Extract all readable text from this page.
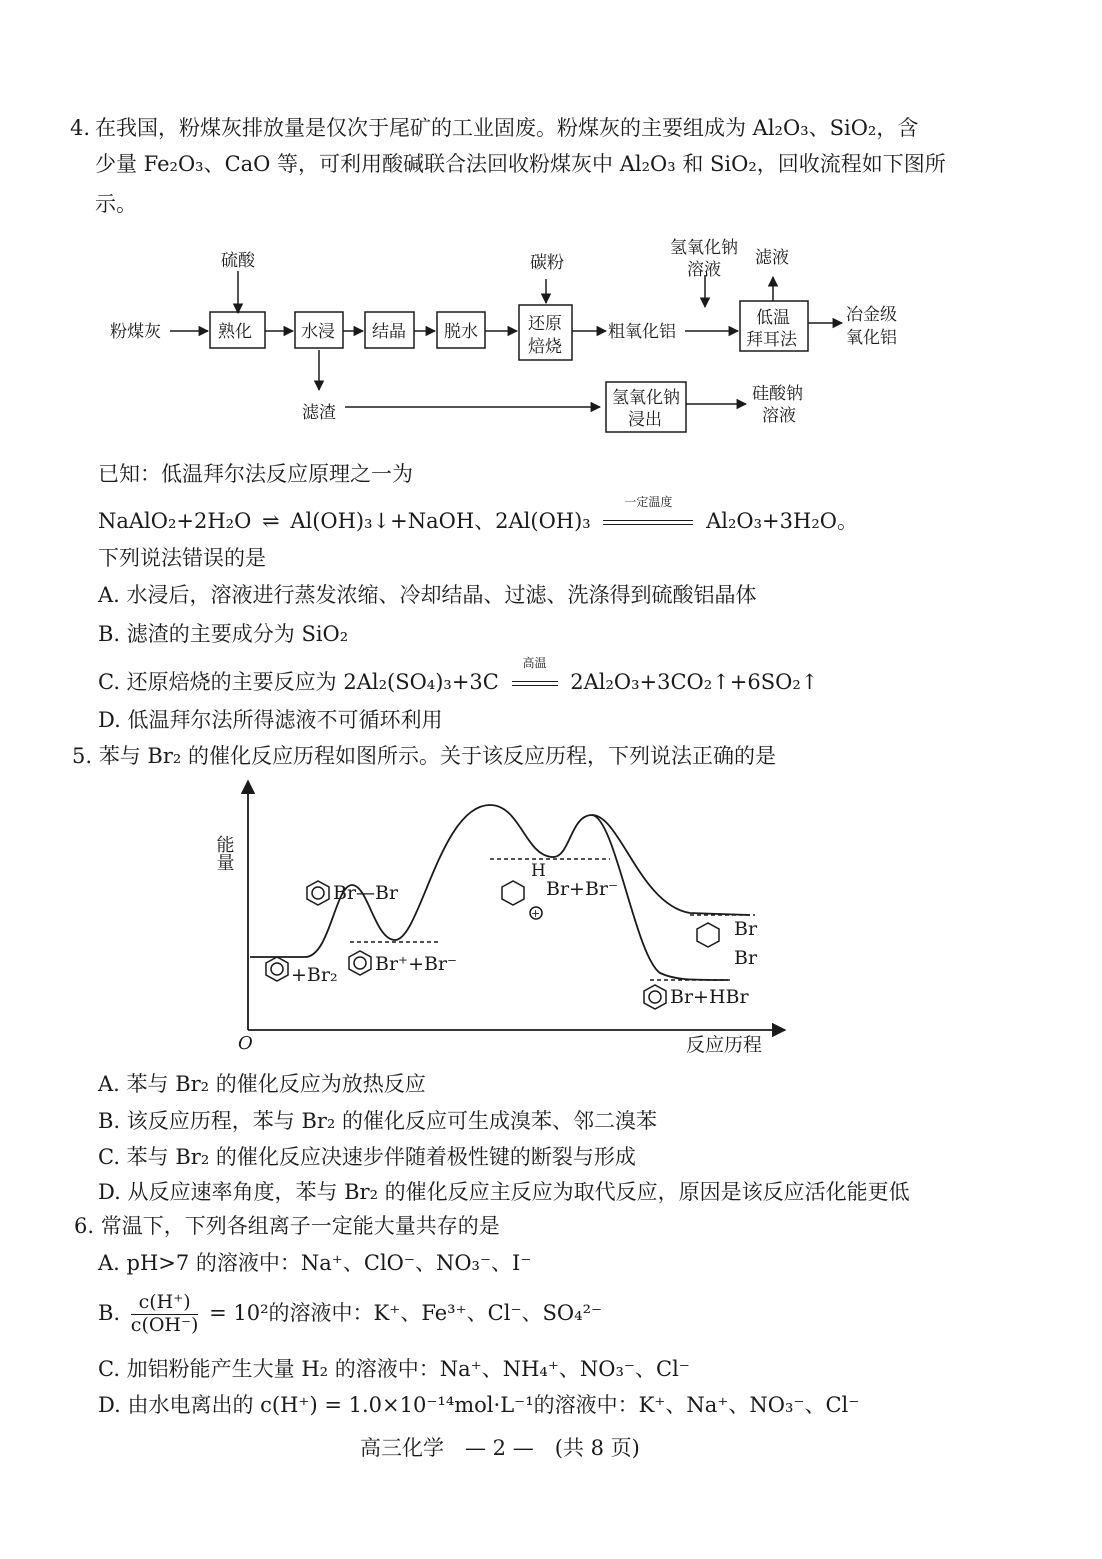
4. 在我国，粉煤灰排放量是仅次于尾矿的工业固废。粉煤灰的主要组成为 Al₂O₃、SiO₂，含
少量 Fe₂O₃、CaO 等，可利用酸碱联合法回收粉煤灰中 Al₂O₃ 和 SiO₂，回收流程如下图所
示。
粉煤灰
硫酸
熟化	水浸 结晶 脱水
碳粉
还原
焙烧
粗氧化铝
氢氧化钠
溶液
滤液
低温
拜耳法
冶金级
氧化铝
滤渣
氢氧化钠
浸出
硅酸钠
溶液
已知：低温拜尔法反应原理之一为
NaAlO₂+2H₂O ⇌ Al(OH)₃↓+NaOH、2Al(OH)₃
一定温度
Al₂O₃+3H₂O。
下列说法错误的是
A. 水浸后，溶液进行蒸发浓缩、冷却结晶、过滤、洗涤得到硫酸铝晶体
B. 滤渣的主要成分为 SiO₂
C. 还原焙烧的主要反应为 2Al₂(SO₄)₃+3C
高温
2Al₂O₃+3CO₂↑+6SO₂↑
D. 低温拜尔法所得滤液不可循环利用
5. 苯与 Br₂ 的催化反应历程如图所示。关于该反应历程，下列说法正确的是
能量
反应历程
O
+
+Br₂
Br—Br
Br⁺+Br⁻
H
Br+Br⁻
Br
Br
Br+HBr
A. 苯与 Br₂ 的催化反应为放热反应
B. 该反应历程，苯与 Br₂ 的催化反应可生成溴苯、邻二溴苯
C. 苯与 Br₂ 的催化反应决速步伴随着极性键的断裂与形成
D. 从反应速率角度，苯与 Br₂ 的催化反应主反应为取代反应，原因是该反应活化能更低
6. 常温下，下列各组离子一定能大量共存的是
A. pH>7 的溶液中：Na⁺、ClO⁻、NO₃⁻、I⁻
B. $\frac{c(H^+)}{c(OH^-)} = 10^2$的溶液中：K⁺、Fe³⁺、Cl⁻、SO₄²⁻
C. 加铝粉能产生大量 H₂ 的溶液中：Na⁺、NH₄⁺、NO₃⁻、Cl⁻
D. 由水电离出的 c(H⁺) = 1.0×10⁻¹⁴mol·L⁻¹的溶液中：K⁺、Na⁺、NO₃⁻、Cl⁻
高三化学　— 2 —　(共 8 页)
